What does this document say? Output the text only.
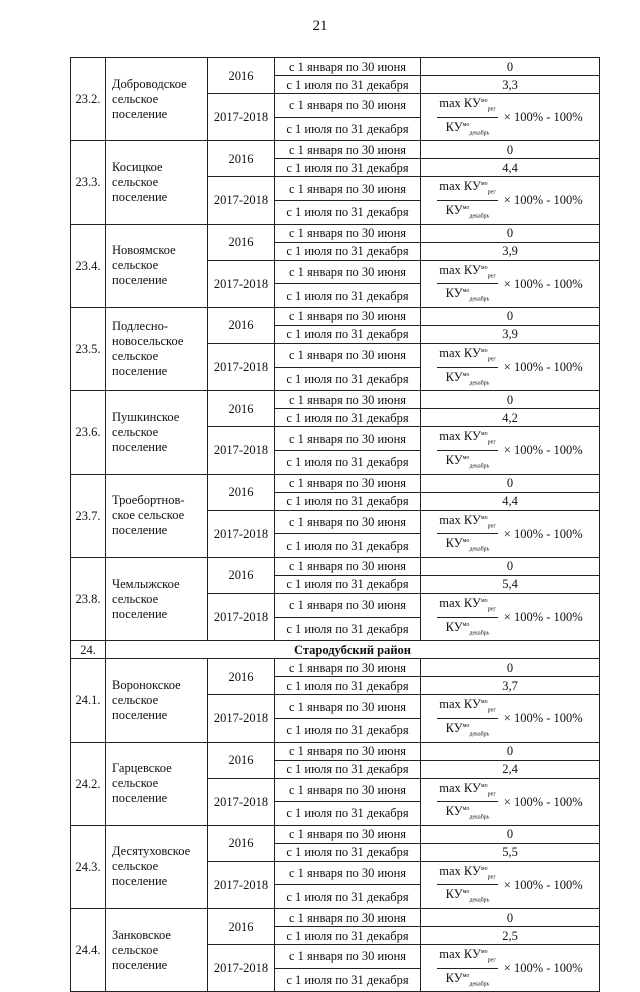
21
23.2.	Доброводское сельское поселение	2016	с 1 января по 30 июня	0
			с 1 июля по 31 декабря	3,3
		2017-2018	с 1 января по 30 июня	$\frac{\max КУ^{мо}_{рег}}{КУ^{мо}_{декабрь}} \times 100\% - 100\%$

			с 1 июля по 31 декабря	
23.3.	Косицкое сельское поселение	2016	с 1 января по 30 июня	0
			с 1 июля по 31 декабря	4,4
		2017-2018	с 1 января по 30 июня	$\frac{\max КУ^{мо}_{рег}}{КУ^{мо}_{декабрь}} \times 100\% - 100\%$

			с 1 июля по 31 декабря	
23.4.	Новоямское сельское поселение	2016	с 1 января по 30 июня	0
			с 1 июля по 31 декабря	3,9
		2017-2018	с 1 января по 30 июня	$\frac{\max КУ^{мо}_{рег}}{КУ^{мо}_{декабрь}} \times 100\% - 100\%$

			с 1 июля по 31 декабря	
23.5.	Подлесно-новосельское сельское поселение	2016	с 1 января по 30 июня	0
			с 1 июля по 31 декабря	3,9
		2017-2018	с 1 января по 30 июня	$\frac{\max КУ^{мо}_{рег}}{КУ^{мо}_{декабрь}} \times 100\% - 100\%$

			с 1 июля по 31 декабря	
23.6.	Пушкинское сельское поселение	2016	с 1 января по 30 июня	0
			с 1 июля по 31 декабря	4,2
		2017-2018	с 1 января по 30 июня	$\frac{\max КУ^{мо}_{рег}}{КУ^{мо}_{декабрь}} \times 100\% - 100\%$

			с 1 июля по 31 декабря	
23.7.	Троебортнов-ское сельское поселение	2016	с 1 января по 30 июня	0
			с 1 июля по 31 декабря	4,4
		2017-2018	с 1 января по 30 июня	$\frac{\max КУ^{мо}_{рег}}{КУ^{мо}_{декабрь}} \times 100\% - 100\%$

			с 1 июля по 31 декабря	
23.8.	Чемлыжское сельское поселение	2016	с 1 января по 30 июня	0
			с 1 июля по 31 декабря	5,4
		2017-2018	с 1 января по 30 июня	$\frac{\max КУ^{мо}_{рег}}{КУ^{мо}_{декабрь}} \times 100\% - 100\%$

			с 1 июля по 31 декабря	
24.	Стародубский район			
24.1.	Воронокское сельское поселение	2016	с 1 января по 30 июня	0
			с 1 июля по 31 декабря	3,7
		2017-2018	с 1 января по 30 июня	$\frac{\max КУ^{мо}_{рег}}{КУ^{мо}_{декабрь}} \times 100\% - 100\%$

			с 1 июля по 31 декабря	
24.2.	Гарцевское сельское поселение	2016	с 1 января по 30 июня	0
			с 1 июля по 31 декабря	2,4
		2017-2018	с 1 января по 30 июня	$\frac{\max КУ^{мо}_{рег}}{КУ^{мо}_{декабрь}} \times 100\% - 100\%$

			с 1 июля по 31 декабря	
24.3.	Десятуховское сельское поселение	2016	с 1 января по 30 июня	0
			с 1 июля по 31 декабря	5,5
		2017-2018	с 1 января по 30 июня	$\frac{\max КУ^{мо}_{рег}}{КУ^{мо}_{декабрь}} \times 100\% - 100\%$

			с 1 июля по 31 декабря	
24.4.	Занковское сельское поселение	2016	с 1 января по 30 июня	0
			с 1 июля по 31 декабря	2,5
		2017-2018	с 1 января по 30 июня	$\frac{\max КУ^{мо}_{рег}}{КУ^{мо}_{декабрь}} \times 100\% - 100\%$

			с 1 июля по 31 декабря	
